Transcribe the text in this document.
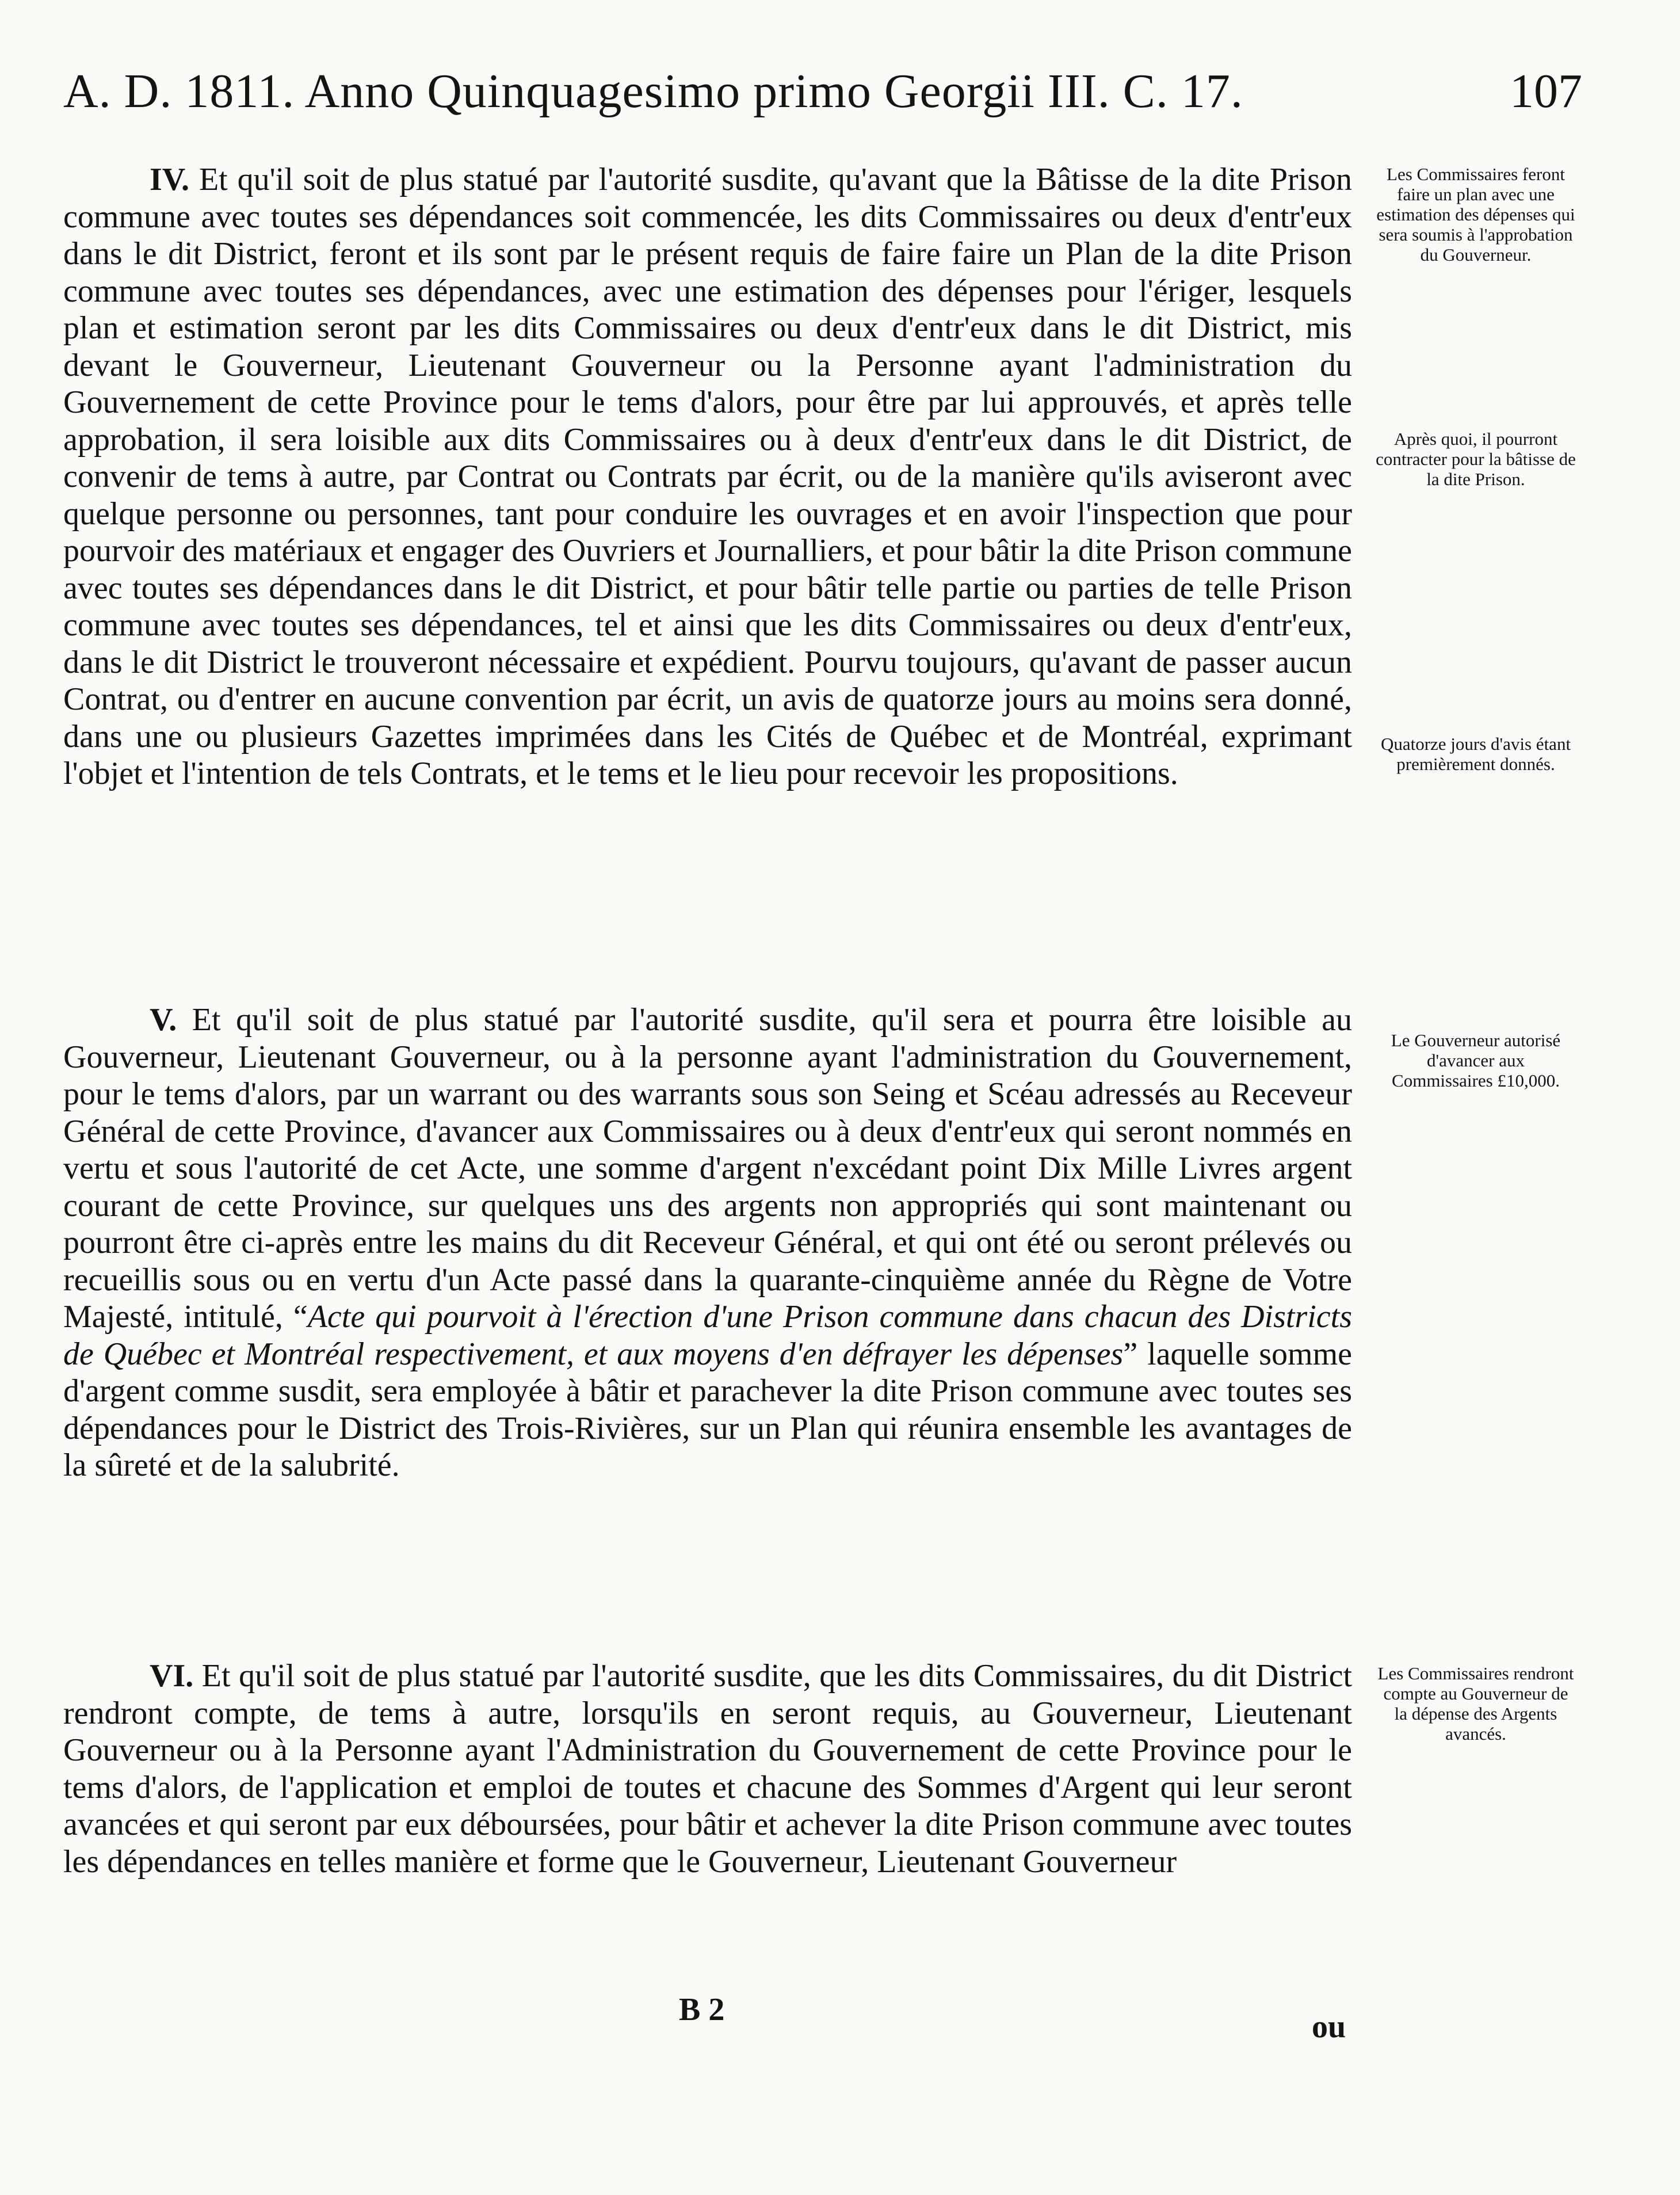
A. D. 1811. Anno Quinquagesimo primo Georgii III. C. 17.	107

IV. Et qu'il soit de plus statué par l'autorité susdite, qu'avant que la Bâtisse de la dite Prison commune avec toutes ses dépendances soit commencée, les dits Commissaires ou deux d'entr'eux dans le dit District, feront et ils sont par le présent requis de faire faire un Plan de la dite Prison commune avec toutes ses dépendances, avec une estimation des dépenses pour l'ériger, lesquels plan et estimation seront par les dits Commissaires ou deux d'entr'eux dans le dit District, mis devant le Gouverneur, Lieutenant Gouverneur ou la Personne ayant l'administration du Gouvernement de cette Province pour le tems d'alors, pour être par lui approuvés, et après telle approbation, il sera loisible aux dits Commissaires ou à deux d'entr'eux dans le dit District, de convenir de tems à autre, par Contrat ou Contrats par écrit, ou de la manière qu'ils aviseront avec quelque personne ou personnes, tant pour conduire les ouvrages et en avoir l'inspection que pour pourvoir des matériaux et engager des Ouvriers et Journalliers, et pour bâtir la dite Prison commune avec toutes ses dépendances dans le dit District, et pour bâtir telle partie ou parties de telle Prison commune avec toutes ses dépendances, tel et ainsi que les dits Commissaires ou deux d'entr'eux, dans le dit District le trouveront nécessaire et expédient. Pourvu toujours, qu'avant de passer aucun Contrat, ou d'entrer en aucune convention par écrit, un avis de quatorze jours au moins sera donné, dans une ou plusieurs Gazettes imprimées dans les Cités de Québec et de Montréal, exprimant l'objet et l'intention de tels Contrats, et le tems et le lieu pour recevoir les propositions.

V. Et qu'il soit de plus statué par l'autorité susdite, qu'il sera et pourra être loisible au Gouverneur, Lieutenant Gouverneur, ou à la personne ayant l'administration du Gouvernement, pour le tems d'alors, par un warrant ou des warrants sous son Seing et Scéau adressés au Receveur Général de cette Province, d'avancer aux Commissaires ou à deux d'entr'eux qui seront nommés en vertu et sous l'autorité de cet Acte, une somme d'argent n'excédant point Dix Mille Livres argent courant de cette Province, sur quelques uns des argents non appropriés qui sont maintenant ou pourront être ci-après entre les mains du dit Receveur Général, et qui ont été ou seront prélevés ou recueillis sous ou en vertu d'un Acte passé dans la quarante-cinquième année du Règne de Votre Majesté, intitulé, “Acte qui pourvoit à l'érection d'une Prison commune dans chacun des Districts de Québec et Montréal respectivement, et aux moyens d'en défrayer les dépenses” laquelle somme d'argent comme susdit, sera employée à bâtir et parachever la dite Prison commune avec toutes ses dépendances pour le District des Trois-Rivières, sur un Plan qui réunira ensemble les avantages de la sûreté et de la salubrité.

VI. Et qu'il soit de plus statué par l'autorité susdite, que les dits Commissaires, du dit District rendront compte, de tems à autre, lorsqu'ils en seront requis, au Gouverneur, Lieutenant Gouverneur ou à la Personne ayant l'Administration du Gouvernement de cette Province pour le tems d'alors, de l'application et emploi de toutes et chacune des Sommes d'Argent qui leur seront avancées et qui seront par eux déboursées, pour bâtir et achever la dite Prison commune avec toutes les dépendances en telles manière et forme que le Gouverneur, Lieutenant Gouverneur

Les Commissaires feront faire un plan avec une estimation des dépenses qui sera soumis à l'approbation du Gouverneur.
Après quoi, il pourront contracter pour la bâtisse de la dite Prison.
Quatorze jours d'avis étant premièrement donnés.
Le Gouverneur autorisé d'avancer aux Commissaires £10,000.
Les Commissaires rendront compte au Gouverneur de la dépense des Argents avancés.
B 2	ou
